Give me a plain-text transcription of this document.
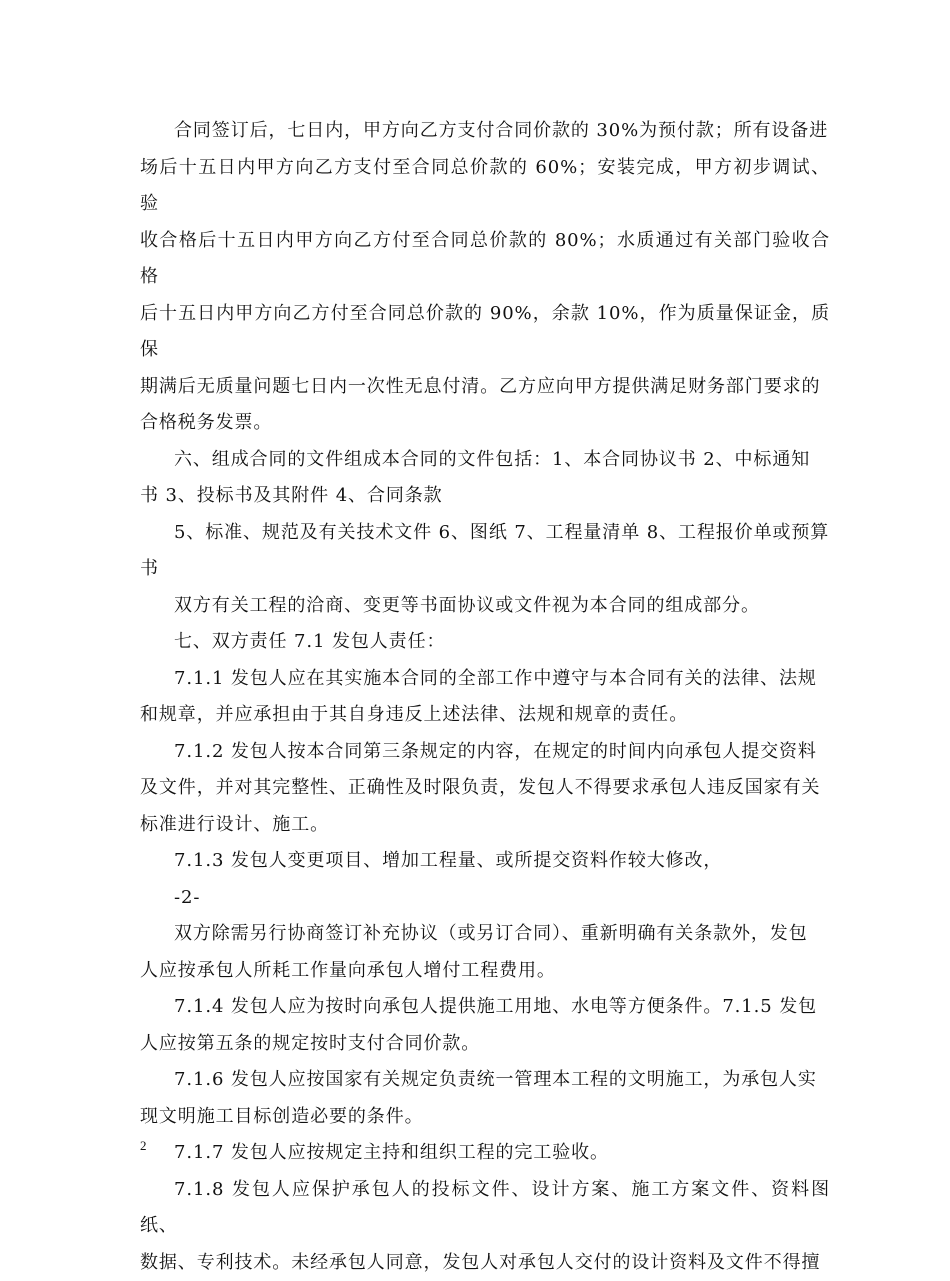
合同签订后，七日内，甲方向乙方支付合同价款的 30%为预付款；所有设备进
场后十五日内甲方向乙方支付至合同总价款的 60%；安装完成，甲方初步调试、验
收合格后十五日内甲方向乙方付至合同总价款的 80%；水质通过有关部门验收合格
后十五日内甲方向乙方付至合同总价款的 90%，余款 10%，作为质量保证金，质保
期满后无质量问题七日内一次性无息付清。乙方应向甲方提供满足财务部门要求的
合格税务发票。

六、组成合同的文件组成本合同的文件包括：1、本合同协议书 2、中标通知
书 3、投标书及其附件 4、合同条款

5、标准、规范及有关技术文件 6、图纸 7、工程量清单 8、工程报价单或预算
书

双方有关工程的洽商、变更等书面协议或文件视为本合同的组成部分。

七、双方责任 7.1 发包人责任：

7.1.1 发包人应在其实施本合同的全部工作中遵守与本合同有关的法律、法规
和规章，并应承担由于其自身违反上述法律、法规和规章的责任。

7.1.2 发包人按本合同第三条规定的内容，在规定的时间内向承包人提交资料
及文件，并对其完整性、正确性及时限负责，发包人不得要求承包人违反国家有关
标准进行设计、施工。

7.1.3 发包人变更项目、增加工程量、或所提交资料作较大修改，

-2-

双方除需另行协商签订补充协议（或另订合同）、重新明确有关条款外，发包
人应按承包人所耗工作量向承包人增付工程费用。

7.1.4 发包人应为按时向承包人提供施工用地、水电等方便条件。7.1.5 发包
人应按第五条的规定按时支付合同价款。

7.1.6 发包人应按国家有关规定负责统一管理本工程的文明施工，为承包人实
现文明施工目标创造必要的条件。

7.1.7 发包人应按规定主持和组织工程的完工验收。

7.1.8 发包人应保护承包人的投标文件、设计方案、施工方案文件、资料图纸、
数据、专利技术。未经承包人同意，发包人对承包人交付的设计资料及文件不得擅

2
